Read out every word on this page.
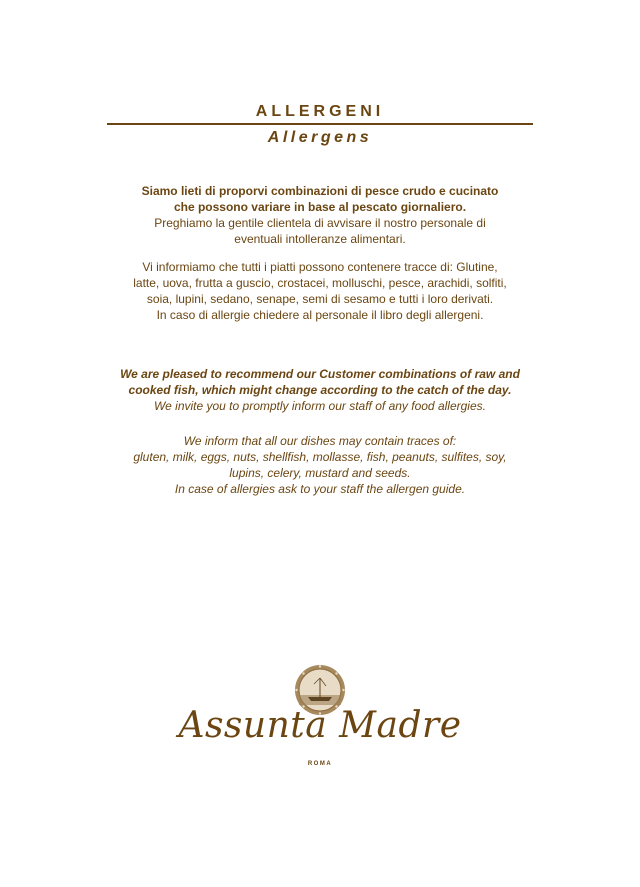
ALLERGENI
Allergens
Siamo lieti di proporvi combinazioni di pesce crudo e cucinato
che possono variare in base al pescato giornaliero.
Preghiamo la gentile clientela di avvisare il nostro personale di
eventuali intolleranze alimentari.
Vi informiamo che tutti i piatti possono contenere tracce di: Glutine,
latte, uova, frutta a guscio, crostacei, molluschi, pesce, arachidi, solfiti,
soia, lupini, sedano, senape, semi di sesamo e tutti i loro derivati.
In caso di allergie chiedere al personale il libro degli allergeni.
We are pleased to recommend our Customer combinations of raw and
cooked fish, which might change according to the catch of the day.
We invite you to promptly inform our staff of any food allergies.
We inform that all our dishes may contain traces of:
gluten, milk, eggs, nuts, shellfish, mollasse, fish, peanuts, sulfites, soy,
lupins, celery, mustard and seeds.
In case of allergies ask to your staff the allergen guide.
Assunta Madre
ROMA
